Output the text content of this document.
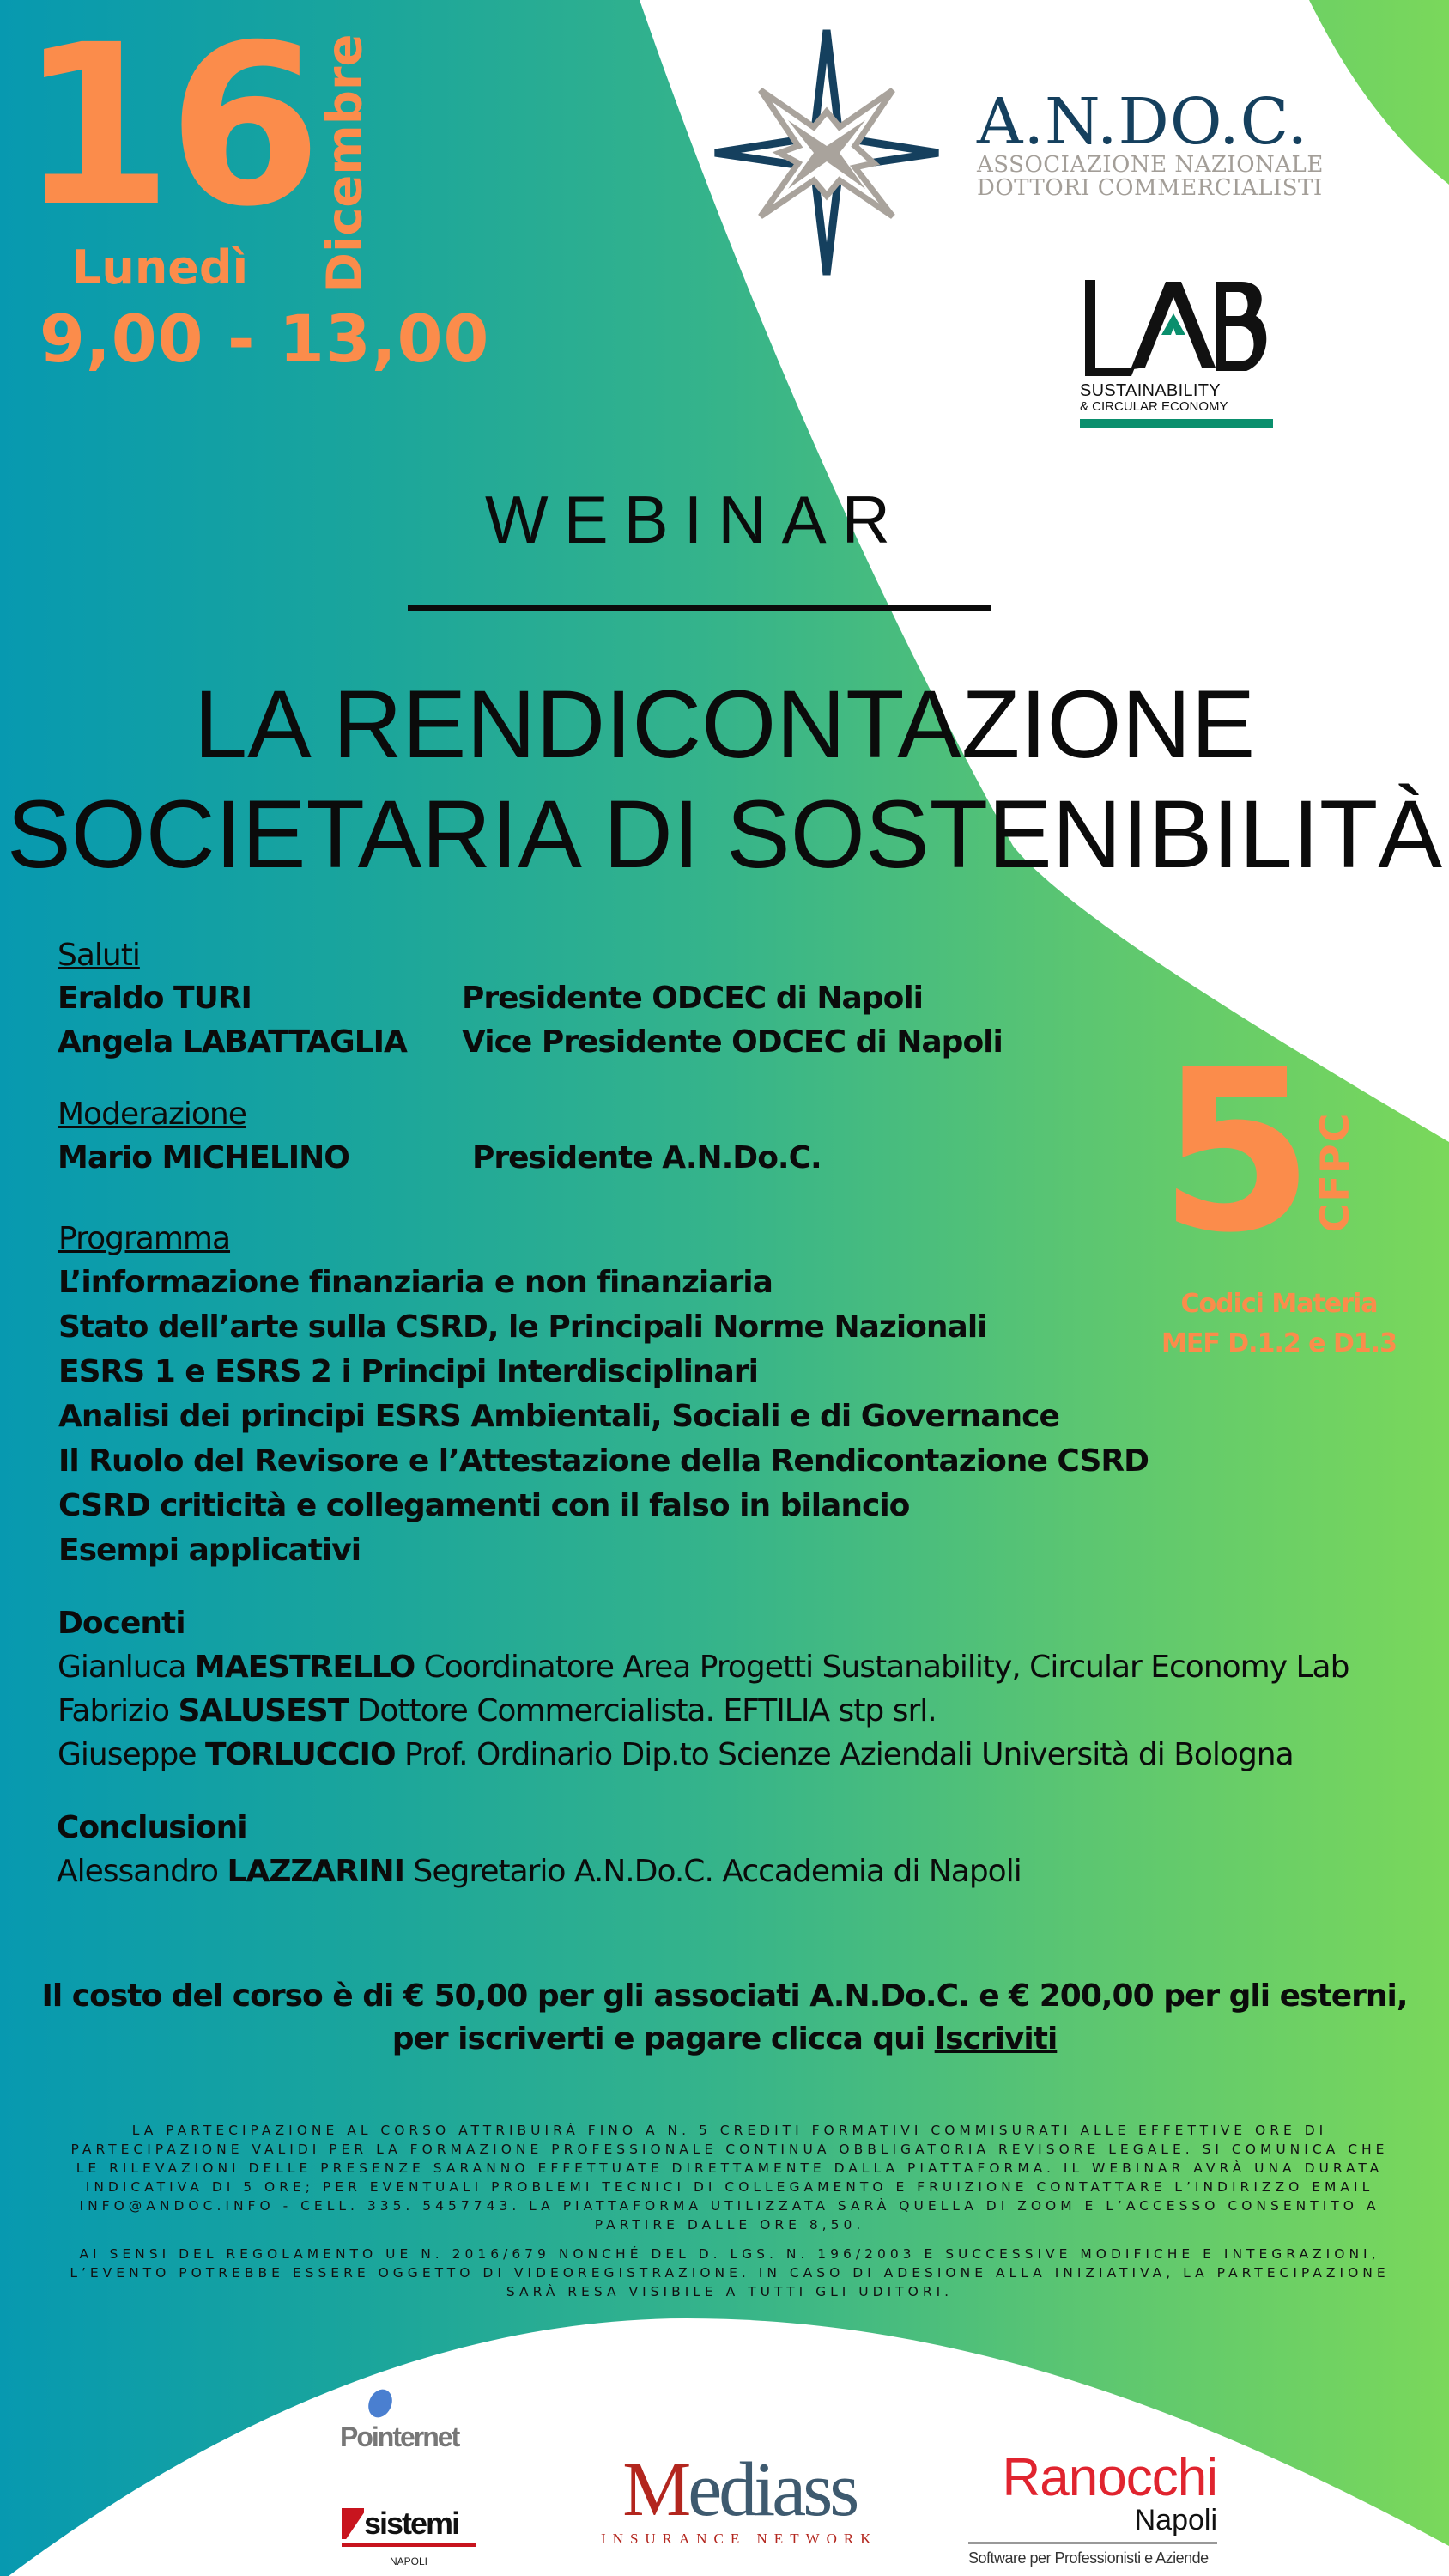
16 Dicembre
Lunedì
9,00 - 13,00
A.N.DO.C.
ASSOCIAZIONE NAZIONALE
DOTTORI COMMERCIALISTI
SUSTAINABILITY
& CIRCULAR ECONOMY
WEBINAR
LA RENDICONTAZIONE
SOCIETARIA DI SOSTENIBILITÀ
Saluti
Eraldo TURI	Presidente ODCEC di Napoli
Angela LABATTAGLIA Vice Presidente ODCEC di Napoli
Moderazione
Mario MICHELINO	Presidente A.N.Do.C. 5
CFPC
Codici Materia
MEF D.1.2 e D1.3
Programma
L’informazione finanziaria e non finanziaria
Stato dell’arte sulla CSRD, le Principali Norme Nazionali
ESRS 1 e ESRS 2 i Principi Interdisciplinari
Analisi dei principi ESRS Ambientali, Sociali e di Governance
Il Ruolo del Revisore e l’Attestazione della Rendicontazione CSRD
CSRD criticità e collegamenti con il falso in bilancio
Esempi applicativi
Docenti
Gianluca MAESTRELLO Coordinatore Area Progetti Sustanability, Circular Economy Lab
Fabrizio SALUSEST Dottore Commercialista. EFTILIA stp srl.
Giuseppe TORLUCCIO Prof. Ordinario Dip.to Scienze Aziendali Università di Bologna
Conclusioni
Alessandro LAZZARINI Segretario A.N.Do.C. Accademia di Napoli
Il costo del corso è di € 50,00 per gli associati A.N.Do.C. e € 200,00 per gli esterni,
per iscriverti e pagare clicca qui Iscriviti
LA PARTECIPAZIONE AL CORSO ATTRIBUIRÀ FINO A N. 5 CREDITI FORMATIVI COMMISURATI ALLE EFFETTIVE ORE DI PARTECIPAZIONE VALIDI PER LA FORMAZIONE PROFESSIONALE CONTINUA OBBLIGATORIA REVISORE LEGALE. SI COMUNICA CHE LE RILEVAZIONI DELLE PRESENZE SARANNO EFFETTUATE DIRETTAMENTE DALLA PIATTAFORMA. IL WEBINAR AVRÀ UNA DURATA INDICATIVA DI 5 ORE; PER EVENTUALI PROBLEMI TECNICI DI COLLEGAMENTO E FRUIZIONE CONTATTARE L’INDIRIZZO EMAIL INFO@ANDOC.INFO - CELL. 335. 5457743. LA PIATTAFORMA UTILIZZATA SARÀ QUELLA DI ZOOM E L’ACCESSO CONSENTITO A PARTIRE DALLE ORE 8,50.
AI SENSI DEL REGOLAMENTO UE N. 2016/679 NONCHÉ DEL D. LGS. N. 196/2003 E SUCCESSIVE MODIFICHE E INTEGRAZIONI, L’EVENTO POTREBBE ESSERE OGGETTO DI VIDEOREGISTRAZIONE. IN CASO DI ADESIONE ALLA INIZIATIVA, LA PARTECIPAZIONE SARÀ RESA VISIBILE A TUTTI GLI UDITORI.
Pointernet
sistemi
NAPOLI
Mediass
INSURANCE NETWORK
Ranocchi
Napoli
Software per Professionisti e Aziende
